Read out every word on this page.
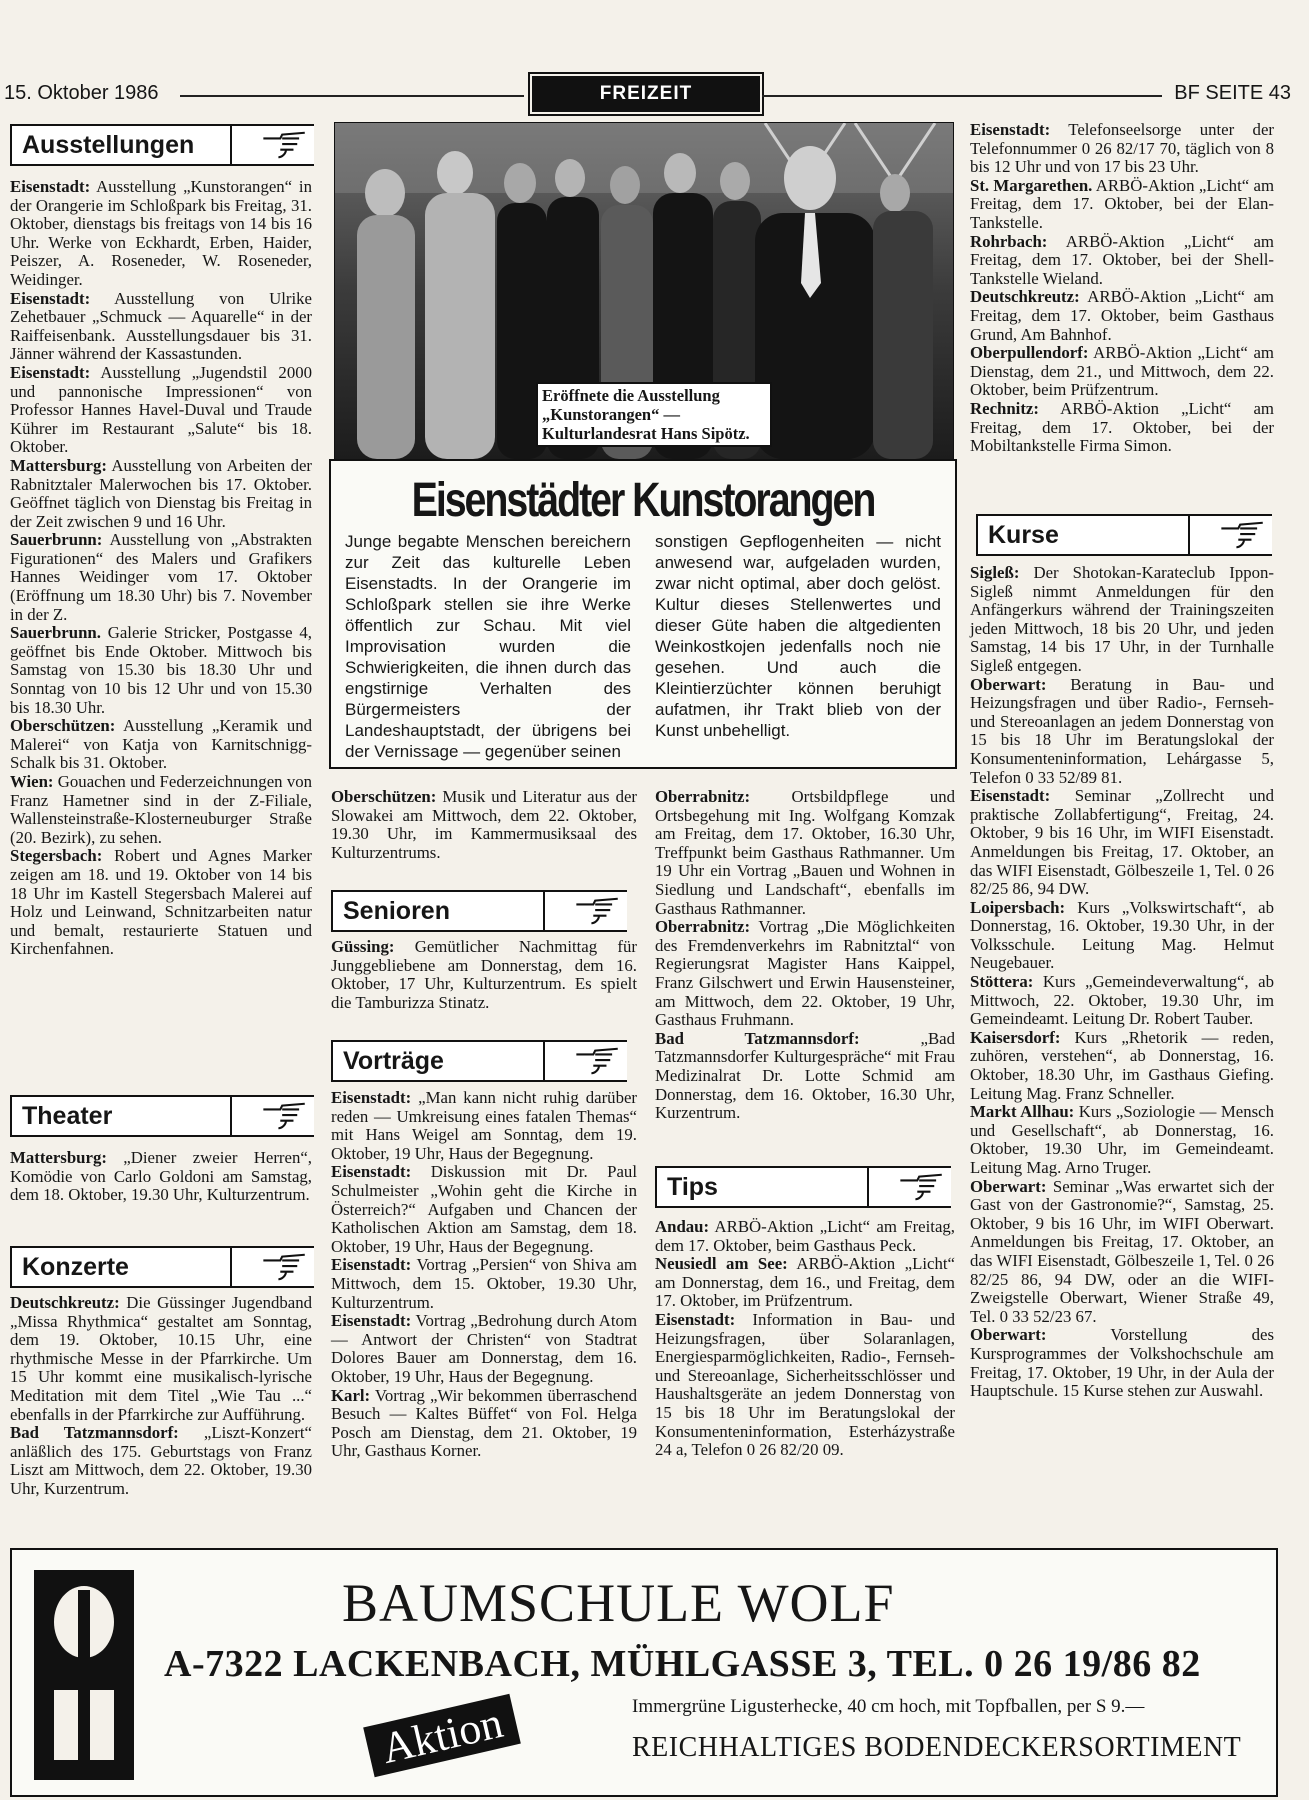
15. Oktober 1986	FREIZEIT	BF SEITE 43
Ausstellungen

Eisenstadt: Ausstellung „Kunstorangen“ in der Orangerie im Schloßpark bis Freitag, 31. Oktober, dienstags bis freitags von 14 bis 16 Uhr. Werke von Eckhardt, Erben, Haider, Peiszer, A. Roseneder, W. Roseneder, Weidinger.

Eisenstadt: Ausstellung von Ulrike Zehetbauer „Schmuck — Aquarelle“ in der Raiffeisenbank. Ausstellungsdauer bis 31. Jänner während der Kassastunden.

Eisenstadt: Ausstellung „Jugendstil 2000 und pannonische Impressionen“ von Professor Hannes Havel-Duval und Traude Kührer im Restaurant „Salute“ bis 18. Oktober.

Mattersburg: Ausstellung von Arbeiten der Rabnitztaler Malerwochen bis 17. Oktober. Geöffnet täglich von Dienstag bis Freitag in der Zeit zwischen 9 und 16 Uhr.

Sauerbrunn: Ausstellung von „Abstrakten Figurationen“ des Malers und Grafikers Hannes Weidinger vom 17. Oktober (Eröffnung um 18.30 Uhr) bis 7. November in der Z.

Sauerbrunn. Galerie Stricker, Postgasse 4, geöffnet bis Ende Oktober. Mittwoch bis Samstag von 15.30 bis 18.30 Uhr und Sonntag von 10 bis 12 Uhr und von 15.30 bis 18.30 Uhr.

Oberschützen: Ausstellung „Keramik und Malerei“ von Katja von Karnitschnigg-Schalk bis 31. Oktober.

Wien: Gouachen und Federzeichnungen von Franz Hametner sind in der Z-Filiale, Wallensteinstraße-Klosterneuburger Straße (20. Bezirk), zu sehen.

Stegersbach: Robert und Agnes Marker zeigen am 18. und 19. Oktober von 14 bis 18 Uhr im Kastell Stegersbach Malerei auf Holz und Leinwand, Schnitzarbeiten natur und bemalt, restaurierte Statuen und Kirchenfahnen.

Theater

Mattersburg: „Diener zweier Herren“, Komödie von Carlo Goldoni am Samstag, dem 18. Oktober, 19.30 Uhr, Kulturzentrum.

Konzerte

Deutschkreutz: Die Güssinger Jugendband „Missa Rhythmica“ gestaltet am Sonntag, dem 19. Oktober, 10.15 Uhr, eine rhythmische Messe in der Pfarrkirche. Um 15 Uhr kommt eine musikalisch-lyrische Meditation mit dem Titel „Wie Tau ...“ ebenfalls in der Pfarrkirche zur Aufführung.

Bad Tatzmannsdorf: „Liszt-Konzert“ anläßlich des 175. Geburtstags von Franz Liszt am Mittwoch, dem 22. Oktober, 19.30 Uhr, Kurzentrum.

Eröffnete die Ausstellung „Kunstorangen“ — Kulturlandesrat Hans Sipötz.
Eisenstädter Kunstorangen
Junge begabte Menschen bereichern zur Zeit das kulturelle Leben Eisenstadts. In der Orangerie im Schloßpark stellen sie ihre Werke öffentlich zur Schau. Mit viel Improvisation wurden die Schwierigkeiten, die ihnen durch das engstirnige Verhalten des Bürgermeisters der Landeshauptstadt, der übrigens bei der Vernissage — gegenüber seinen
sonstigen Gepflogenheiten — nicht anwesend war, aufgeladen wurden, zwar nicht optimal, aber doch gelöst. Kultur dieses Stellenwertes und dieser Güte haben die altgedienten Weinkostkojen jedenfalls noch nie gesehen. Und auch die Kleintierzüchter können beruhigt aufatmen, ihr Trakt blieb von der Kunst unbehelligt.

Oberschützen: Musik und Literatur aus der Slowakei am Mittwoch, dem 22. Oktober, 19.30 Uhr, im Kammermusiksaal des Kulturzentrums.

Senioren

Güssing: Gemütlicher Nachmittag für Junggebliebene am Donnerstag, dem 16. Oktober, 17 Uhr, Kulturzentrum. Es spielt die Tamburizza Stinatz.

Vorträge

Eisenstadt: „Man kann nicht ruhig darüber reden — Umkreisung eines fatalen Themas“ mit Hans Weigel am Sonntag, dem 19. Oktober, 19 Uhr, Haus der Begegnung.

Eisenstadt: Diskussion mit Dr. Paul Schulmeister „Wohin geht die Kirche in Österreich?“ Aufgaben und Chancen der Katholischen Aktion am Samstag, dem 18. Oktober, 19 Uhr, Haus der Begegnung.

Eisenstadt: Vortrag „Persien“ von Shiva am Mittwoch, dem 15. Oktober, 19.30 Uhr, Kulturzentrum.

Eisenstadt: Vortrag „Bedrohung durch Atom — Antwort der Christen“ von Stadtrat Dolores Bauer am Donnerstag, dem 16. Oktober, 19 Uhr, Haus der Begegnung.

Karl: Vortrag „Wir bekommen überraschend Besuch — Kaltes Büffet“ von Fol. Helga Posch am Dienstag, dem 21. Oktober, 19 Uhr, Gasthaus Korner.

Oberrabnitz: Ortsbildpflege und Ortsbegehung mit Ing. Wolfgang Komzak am Freitag, dem 17. Oktober, 16.30 Uhr, Treffpunkt beim Gasthaus Rathmanner. Um 19 Uhr ein Vortrag „Bauen und Wohnen in Siedlung und Landschaft“, ebenfalls im Gasthaus Rathmanner.

Oberrabnitz: Vortrag „Die Möglichkeiten des Fremdenverkehrs im Rabnitztal“ von Regierungsrat Magister Hans Kaippel, Franz Gilschwert und Erwin Hausensteiner, am Mittwoch, dem 22. Oktober, 19 Uhr, Gasthaus Fruhmann.

Bad Tatzmannsdorf: „Bad Tatzmannsdorfer Kulturgespräche“ mit Frau Medizinalrat Dr. Lotte Schmid am Donnerstag, dem 16. Oktober, 16.30 Uhr, Kurzentrum.

Tips

Andau: ARBÖ-Aktion „Licht“ am Freitag, dem 17. Oktober, beim Gasthaus Peck.

Neusiedl am See: ARBÖ-Aktion „Licht“ am Donnerstag, dem 16., und Freitag, dem 17. Oktober, im Prüfzentrum.

Eisenstadt: Information in Bau- und Heizungsfragen, über Solaranlagen, Energiesparmöglichkeiten, Radio-, Fernseh- und Stereoanlage, Sicherheitsschlösser und Haushaltsgeräte an jedem Donnerstag von 15 bis 18 Uhr im Beratungslokal der Konsumenteninformation, Esterházystraße 24 a, Telefon 0 26 82/20 09.

Eisenstadt: Telefonseelsorge unter der Telefonnummer 0 26 82/17 70, täglich von 8 bis 12 Uhr und von 17 bis 23 Uhr.

St. Margarethen. ARBÖ-Aktion „Licht“ am Freitag, dem 17. Oktober, bei der Elan-Tankstelle.

Rohrbach: ARBÖ-Aktion „Licht“ am Freitag, dem 17. Oktober, bei der Shell-Tankstelle Wieland.

Deutschkreutz: ARBÖ-Aktion „Licht“ am Freitag, dem 17. Oktober, beim Gasthaus Grund, Am Bahnhof.

Oberpullendorf: ARBÖ-Aktion „Licht“ am Dienstag, dem 21., und Mittwoch, dem 22. Oktober, beim Prüfzentrum.

Rechnitz: ARBÖ-Aktion „Licht“ am Freitag, dem 17. Oktober, bei der Mobiltankstelle Firma Simon.

Kurse

Sigleß: Der Shotokan-Karateclub Ippon-Sigleß nimmt Anmeldungen für den Anfängerkurs während der Trainingszeiten jeden Mittwoch, 18 bis 20 Uhr, und jeden Samstag, 14 bis 17 Uhr, in der Turnhalle Sigleß entgegen.

Oberwart: Beratung in Bau- und Heizungsfragen und über Radio-, Fernseh- und Stereoanlagen an jedem Donnerstag von 15 bis 18 Uhr im Beratungslokal der Konsumenteninformation, Lehárgasse 5, Telefon 0 33 52/89 81.

Eisenstadt: Seminar „Zollrecht und praktische Zollabfertigung“, Freitag, 24. Oktober, 9 bis 16 Uhr, im WIFI Eisenstadt. Anmeldungen bis Freitag, 17. Oktober, an das WIFI Eisenstadt, Gölbeszeile 1, Tel. 0 26 82/25 86, 94 DW.

Loipersbach: Kurs „Volkswirtschaft“, ab Donnerstag, 16. Oktober, 19.30 Uhr, in der Volksschule. Leitung Mag. Helmut Neugebauer.

Stöttera: Kurs „Gemeindeverwaltung“, ab Mittwoch, 22. Oktober, 19.30 Uhr, im Gemeindeamt. Leitung Dr. Robert Tauber.

Kaisersdorf: Kurs „Rhetorik — reden, zuhören, verstehen“, ab Donnerstag, 16. Oktober, 18.30 Uhr, im Gasthaus Giefing. Leitung Mag. Franz Schneller.

Markt Allhau: Kurs „Soziologie — Mensch und Gesellschaft“, ab Donnerstag, 16. Oktober, 19.30 Uhr, im Gemeindeamt. Leitung Mag. Arno Truger.

Oberwart: Seminar „Was erwartet sich der Gast von der Gastronomie?“, Samstag, 25. Oktober, 9 bis 16 Uhr, im WIFI Oberwart. Anmeldungen bis Freitag, 17. Oktober, an das WIFI Eisenstadt, Gölbeszeile 1, Tel. 0 26 82/25 86, 94 DW, oder an die WIFI-Zweigstelle Oberwart, Wiener Straße 49, Tel. 0 33 52/23 67.

Oberwart: Vorstellung des Kursprogrammes der Volkshochschule am Freitag, 17. Oktober, 19 Uhr, in der Aula der Hauptschule. 15 Kurse stehen zur Auswahl.

BAUMSCHULE WOLF
A-7322 LACKENBACH, MÜHLGASSE 3, TEL. 0 26 19/86 82
Aktion	Immergrüne Ligusterhecke, 40 cm hoch, mit Topfballen, per S 9.—
REICHHALTIGES BODENDECKERSORTIMENT
